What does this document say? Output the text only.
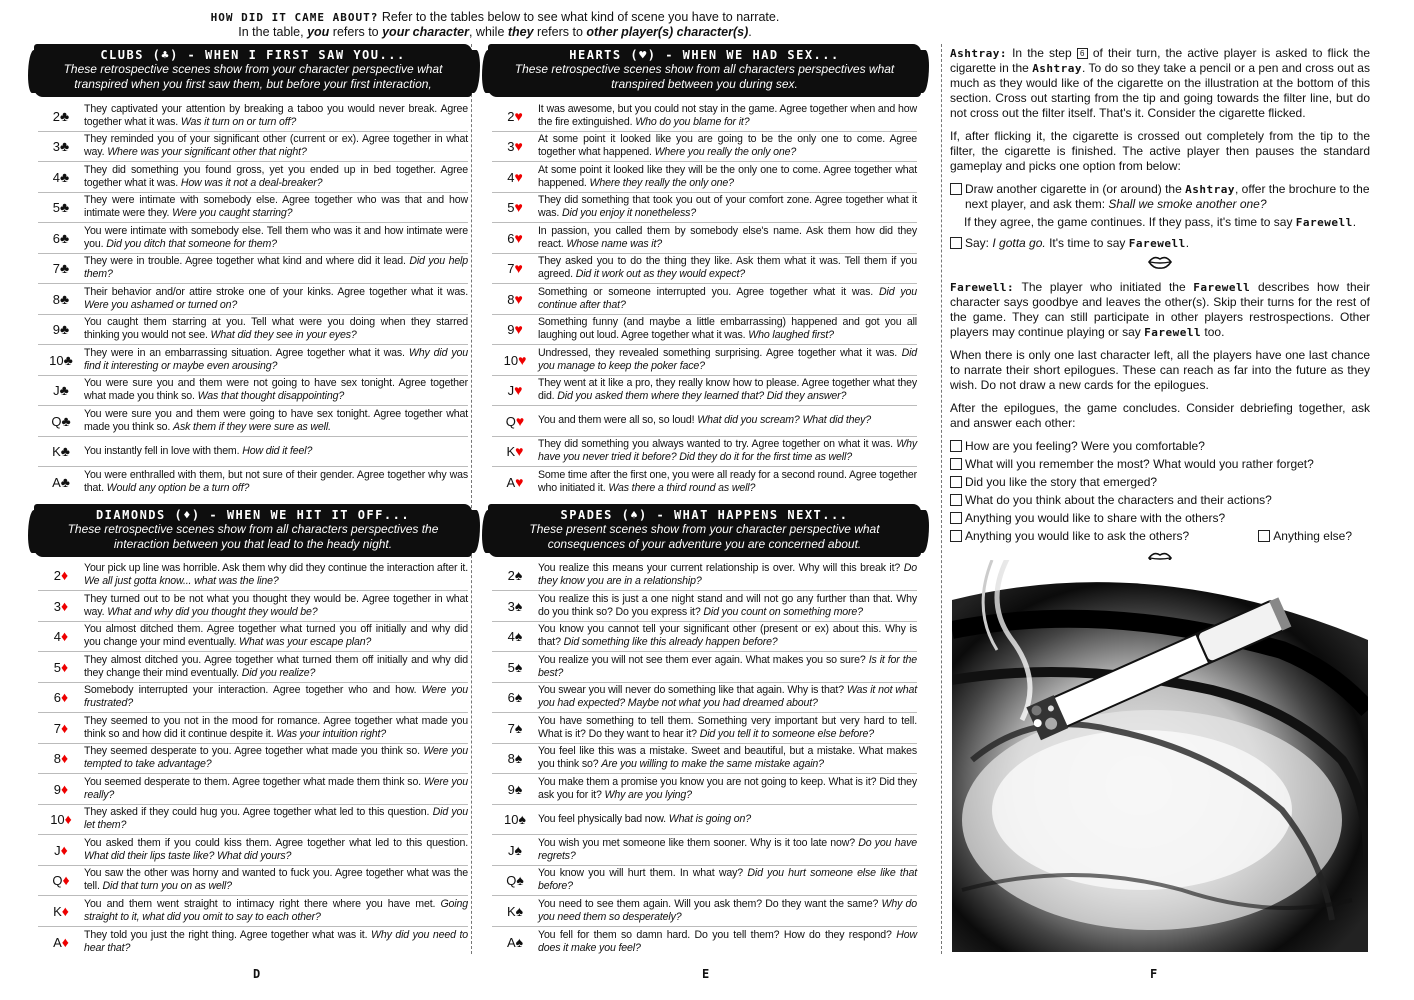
HOW DID IT CAME ABOUT? Refer to the tables below to see what kind of scene you have to narrate.
In the table, you refers to your character, while they refers to other player(s) character(s).
CLUBS (♣) - WHEN I FIRST SAW YOU...
These retrospective scenes show from your character perspective what transpired when you first saw them, but before your first interaction,
2♣	They captivated your attention by breaking a taboo you would never break. Agree together what it was. Was it turn on or turn off?
3♣	They reminded you of your significant other (current or ex). Agree together in what way. Where was your significant other that night?
4♣	They did something you found gross, yet you ended up in bed together. Agree together what it was. How was it not a deal-breaker?
5♣	They were intimate with somebody else. Agree together who was that and how intimate were they. Were you caught starring?
6♣	You were intimate with somebody else. Tell them who was it and how intimate were you. Did you ditch that someone for them?
7♣	They were in trouble. Agree together what kind and where did it lead. Did you help them?
8♣	Their behavior and/or attire stroke one of your kinks. Agree together what it was. Were you ashamed or turned on?
9♣	You caught them starring at you. Tell what were you doing when they starred thinking you would not see. What did they see in your eyes?
10♣	They were in an embarrassing situation. Agree together what it was. Why did you find it interesting or maybe even arousing?
J♣	You were sure you and them were not going to have sex tonight. Agree together what made you think so. Was that thought disappointing?
Q♣	You were sure you and them were going to have sex tonight. Agree together what made you think so. Ask them if they were sure as well.
K♣	You instantly fell in love with them. How did it feel?
A♣	You were enthralled with them, but not sure of their gender. Agree together why was that. Would any option be a turn off?
DIAMONDS (♦) - WHEN WE HIT IT OFF...
These retrospective scenes show from all characters perspectives the interaction between you that lead to the heady night.
2♦	Your pick up line was horrible. Ask them why did they continue the interaction after it. We all just gotta know... what was the line?
3♦	They turned out to be not what you thought they would be. Agree together in what way. What and why did you thought they would be?
4♦	You almost ditched them. Agree together what turned you off initially and why did you change your mind eventually. What was your escape plan?
5♦	They almost ditched you. Agree together what turned them off initially and why did they change their mind eventually. Did you realize?
6♦	Somebody interrupted your interaction. Agree together who and how. Were you frustrated?
7♦	They seemed to you not in the mood for romance. Agree together what made you think so and how did it continue despite it. Was your intuition right?
8♦	They seemed desperate to you. Agree together what made you think so. Were you tempted to take advantage?
9♦	You seemed desperate to them. Agree together what made them think so. Were you really?
10♦	They asked if they could hug you. Agree together what led to this question. Did you let them?
J♦	You asked them if you could kiss them. Agree together what led to this question. What did their lips taste like? What did yours?
Q♦	You saw the other was horny and wanted to fuck you. Agree together what was the tell. Did that turn you on as well?
K♦	You and them went straight to intimacy right there where you have met. Going straight to it, what did you omit to say to each other?
A♦	They told you just the right thing. Agree together what was it. Why did you need to hear that?
HEARTS (♥) - WHEN WE HAD SEX...
These retrospective scenes show from all characters perspectives what transpired between you during sex.
2♥	It was awesome, but you could not stay in the game. Agree together when and how the fire extinguished. Who do you blame for it?
3♥	At some point it looked like you are going to be the only one to come. Agree together what happened. Where you really the only one?
4♥	At some point it looked like they will be the only one to come. Agree together what happened. Where they really the only one?
5♥	They did something that took you out of your comfort zone. Agree together what it was. Did you enjoy it nonetheless?
6♥	In passion, you called them by somebody else's name. Ask them how did they react. Whose name was it?
7♥	They asked you to do the thing they like. Ask them what it was. Tell them if you agreed. Did it work out as they would expect?
8♥	Something or someone interrupted you. Agree together what it was. Did you continue after that?
9♥	Something funny (and maybe a little embarrassing) happened and got you all laughing out loud. Agree together what it was. Who laughed first?
10♥	Undressed, they revealed something surprising. Agree together what it was. Did you manage to keep the poker face?
J♥	They went at it like a pro, they really know how to please. Agree together what they did. Did you asked them where they learned that? Did they answer?
Q♥	You and them were all so, so loud! What did you scream? What did they?
K♥	They did something you always wanted to try. Agree together on what it was. Why have you never tried it before? Did they do it for the first time as well?
A♥	Some time after the first one, you were all ready for a second round. Agree together who initiated it. Was there a third round as well?
SPADES (♠) - WHAT HAPPENS NEXT...
These present scenes show from your character perspective what consequences of your adventure you are concerned about.
2♠	You realize this means your current relationship is over. Why will this break it? Do they know you are in a relationship?
3♠	You realize this is just a one night stand and will not go any further than that. Why do you think so? Do you express it? Did you count on something more?
4♠	You know you cannot tell your significant other (present or ex) about this. Why is that? Did something like this already happen before?
5♠	You realize you will not see them ever again. What makes you so sure? Is it for the best?
6♠	You swear you will never do something like that again. Why is that? Was it not what you had expected? Maybe not what you had dreamed about?
7♠	You have something to tell them. Something very important but very hard to tell. What is it? Do they want to hear it? Did you tell it to someone else before?
8♠	You feel like this was a mistake. Sweet and beautiful, but a mistake. What makes you think so? Are you willing to make the same mistake again?
9♠	You make them a promise you know you are not going to keep. What is it? Did they ask you for it? Why are you lying?
10♠	You feel physically bad now. What is going on?
J♠	You wish you met someone like them sooner. Why is it too late now? Do you have regrets?
Q♠	You know you will hurt them. In what way? Did you hurt someone else like that before?
K♠	You need to see them again. Will you ask them? Do they want the same? Why do you need them so desperately?
A♠	You fell for them so damn hard. Do you tell them? How do they respond? How does it make you feel?

Ashtray: In the step 6 of their turn, the active player is asked to flick the cigarette in the Ashtray. To do so they take a pencil or a pen and cross out as much as they would like of the cigarette on the illustration at the bottom of this section. Cross out starting from the tip and going towards the filter line, but do not cross out the filter itself. That's it. Consider the cigarette flicked.

If, after flicking it, the cigarette is crossed out completely from the tip to the filter, the cigarette is finished. The active player then pauses the standard gameplay and picks one option from below:

Draw another cigarette in (or around) the Ashtray, offer the brochure to the next player, and ask them: Shall we smoke another one?
If they agree, the game continues. If they pass, it's time to say Farewell.
Say: I gotta go. It's time to say Farewell.

Farewell: The player who initiated the Farewell describes how their character says goodbye and leaves the other(s). Skip their turns for the rest of the game. They can still participate in other players restrospections. Other players may continue playing or say Farewell too.

When there is only one last character left, all the players have one last chance to narrate their short epilogues. These can reach as far into the future as they wish. Do not draw a new cards for the epilogues.

After the epilogues, the game concludes. Consider debriefing together, ask and answer each other:

How are you feeling? Were you comfortable?
What will you remember the most? What would you rather forget?
Did you like the story that emerged?
What do you think about the characters and their actions?
Anything you would like to share with the others?
Anything you would like to ask the others?	Anything else?
D	E	F
